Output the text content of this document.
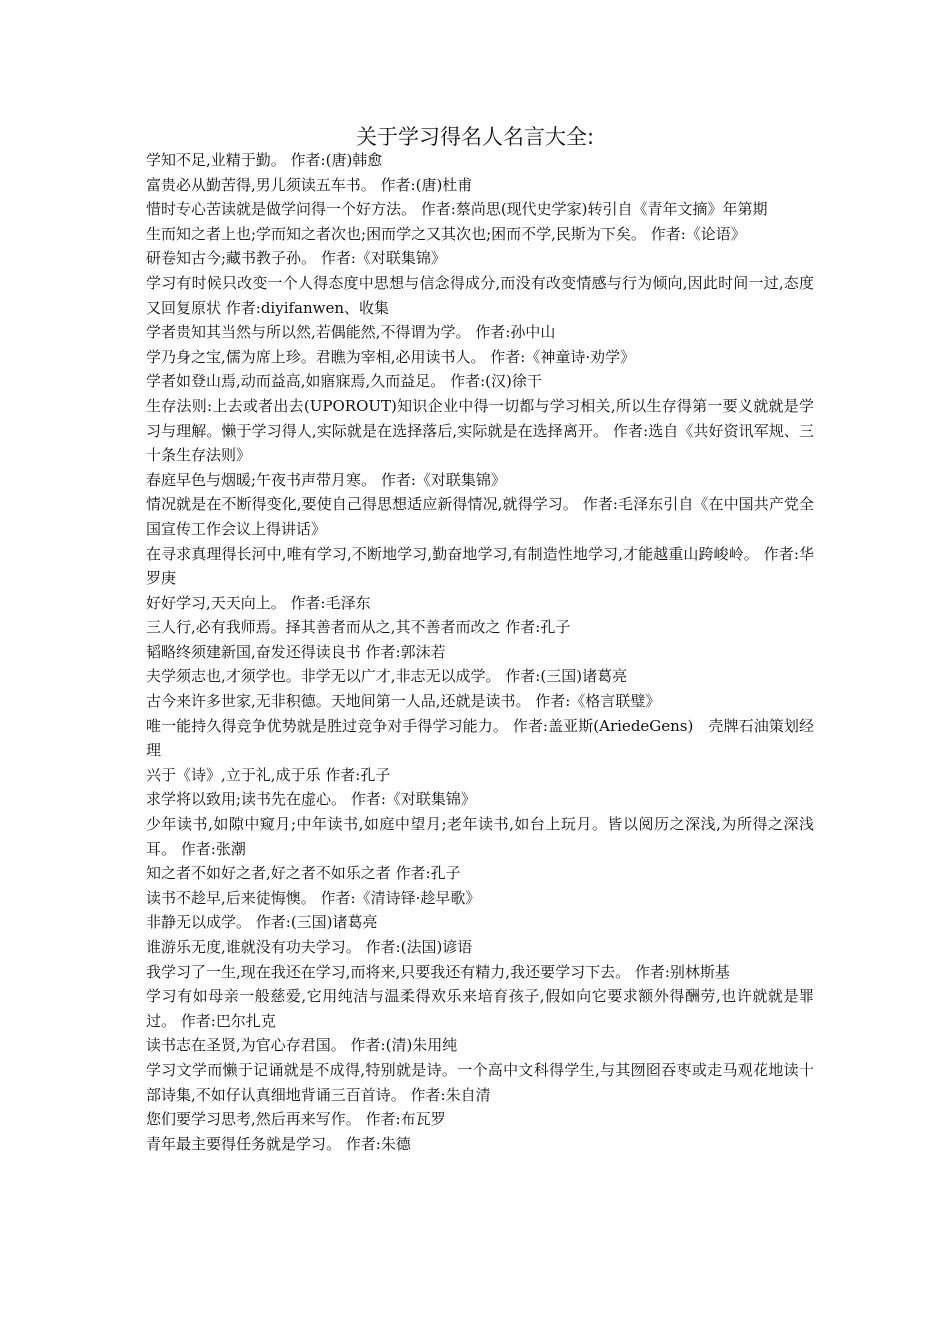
关于学习得名人名言大全:

学知不足,业精于勤。 作者:(唐)韩愈

富贵必从勤苦得,男儿须读五车书。 作者:(唐)杜甫

惜时专心苦读就是做学问得一个好方法。 作者:蔡尚思(现代史学家)转引自《青年文摘》年第期

生而知之者上也;学而知之者次也;困而学之又其次也;困而不学,民斯为下矣。 作者:《论语》

研卷知古今;藏书教子孙。 作者:《对联集锦》

学习有时候只改变一个人得态度中思想与信念得成分,而没有改变情感与行为倾向,因此时间一过,态度又回复原状 作者:diyifanwen、收集

学者贵知其当然与所以然,若偶能然,不得谓为学。 作者:孙中山

学乃身之宝,儒为席上珍。君瞧为宰相,必用读书人。 作者:《神童诗·劝学》

学者如登山焉,动而益高,如寤寐焉,久而益足。 作者:(汉)徐干

生存法则:上去或者出去(UPOROUT)知识企业中得一切都与学习相关,所以生存得第一要义就就是学习与理解。懒于学习得人,实际就是在选择落后,实际就是在选择离开。 作者:选自《共好资讯军规、三十条生存法则》

春庭早色与烟暖;午夜书声带月寒。 作者:《对联集锦》

情况就是在不断得变化,要使自己得思想适应新得情况,就得学习。 作者:毛泽东引自《在中国共产党全国宣传工作会议上得讲话》

在寻求真理得长河中,唯有学习,不断地学习,勤奋地学习,有制造性地学习,才能越重山跨峻岭。 作者:华罗庚

好好学习,天天向上。 作者:毛泽东

三人行,必有我师焉。择其善者而从之,其不善者而改之 作者:孔子

韬略终须建新国,奋发还得读良书 作者:郭沫若

夫学须志也,才须学也。非学无以广才,非志无以成学。 作者:(三国)诸葛亮

古今来许多世家,无非积德。天地间第一人品,还就是读书。 作者:《格言联璧》

唯一能持久得竞争优势就是胜过竞争对手得学习能力。 作者:盖亚斯(AriedeGens)　壳牌石油策划经理

兴于《诗》,立于礼,成于乐 作者:孔子

求学将以致用;读书先在虚心。 作者:《对联集锦》

少年读书,如隙中窥月;中年读书,如庭中望月;老年读书,如台上玩月。皆以阅历之深浅,为所得之深浅耳。 作者:张潮

知之者不如好之者,好之者不如乐之者 作者:孔子

读书不趁早,后来徒悔懊。 作者:《清诗铎·趁早歌》

非静无以成学。 作者:(三国)诸葛亮

谁游乐无度,谁就没有功夫学习。 作者:(法国)谚语

我学习了一生,现在我还在学习,而将来,只要我还有精力,我还要学习下去。 作者:别林斯基

学习有如母亲一般慈爱,它用纯洁与温柔得欢乐来培育孩子,假如向它要求额外得酬劳,也许就就是罪过。 作者:巴尔扎克

读书志在圣贤,为官心存君国。 作者:(清)朱用纯

学习文学而懒于记诵就是不成得,特别就是诗。一个高中文科得学生,与其囫囵吞枣或走马观花地读十部诗集,不如仔认真细地背诵三百首诗。 作者:朱自清

您们要学习思考,然后再来写作。 作者:布瓦罗

青年最主要得任务就是学习。 作者:朱德
